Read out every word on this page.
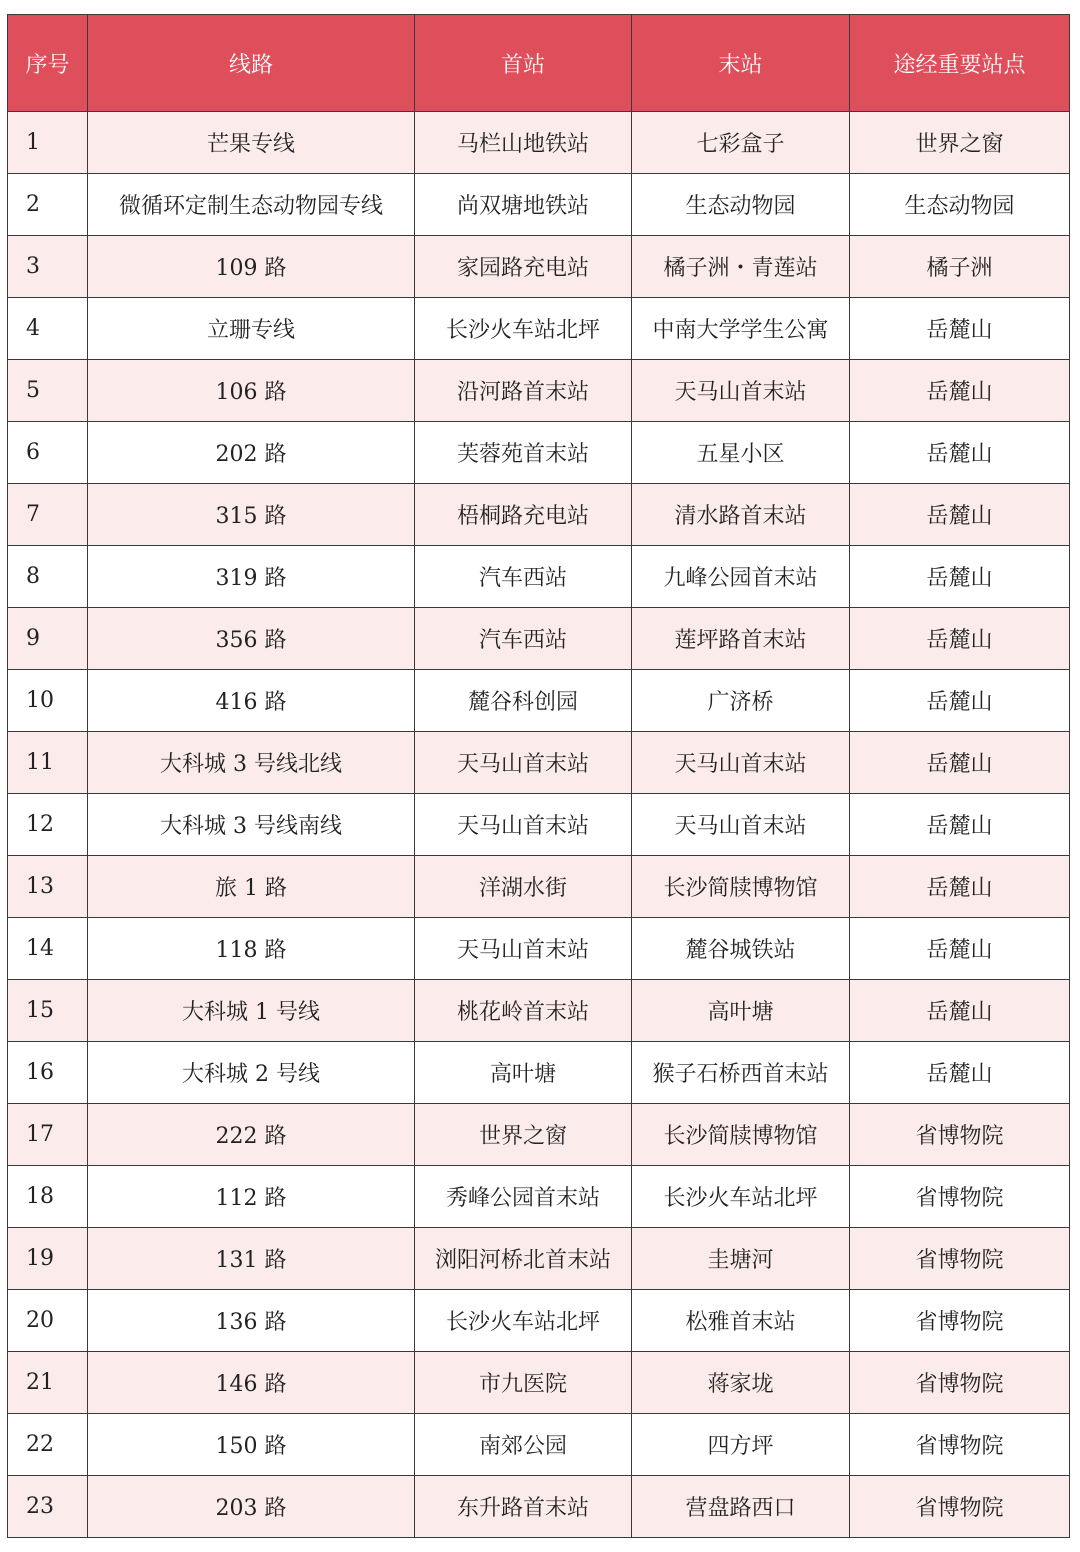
序号	线路	首站	末站	途经重要站点
1	芒果专线	马栏山地铁站	七彩盒子	世界之窗
2	微循环定制生态动物园专线	尚双塘地铁站	生态动物园	生态动物园
3	109 路	家园路充电站	橘子洲・青莲站	橘子洲
4	立珊专线	长沙火车站北坪	中南大学学生公寓	岳麓山
5	106 路	沿河路首末站	天马山首末站	岳麓山
6	202 路	芙蓉苑首末站	五星小区	岳麓山
7	315 路	梧桐路充电站	清水路首末站	岳麓山
8	319 路	汽车西站	九峰公园首末站	岳麓山
9	356 路	汽车西站	莲坪路首末站	岳麓山
10	416 路	麓谷科创园	广济桥	岳麓山
11	大科城 3 号线北线	天马山首末站	天马山首末站	岳麓山
12	大科城 3 号线南线	天马山首末站	天马山首末站	岳麓山
13	旅 1 路	洋湖水街	长沙简牍博物馆	岳麓山
14	118 路	天马山首末站	麓谷城铁站	岳麓山
15	大科城 1 号线	桃花岭首末站	高叶塘	岳麓山
16	大科城 2 号线	高叶塘	猴子石桥西首末站	岳麓山
17	222 路	世界之窗	长沙简牍博物馆	省博物院
18	112 路	秀峰公园首末站	长沙火车站北坪	省博物院
19	131 路	浏阳河桥北首末站	圭塘河	省博物院
20	136 路	长沙火车站北坪	松雅首末站	省博物院
21	146 路	市九医院	蒋家垅	省博物院
22	150 路	南郊公园	四方坪	省博物院
23	203 路	东升路首末站	营盘路西口	省博物院
